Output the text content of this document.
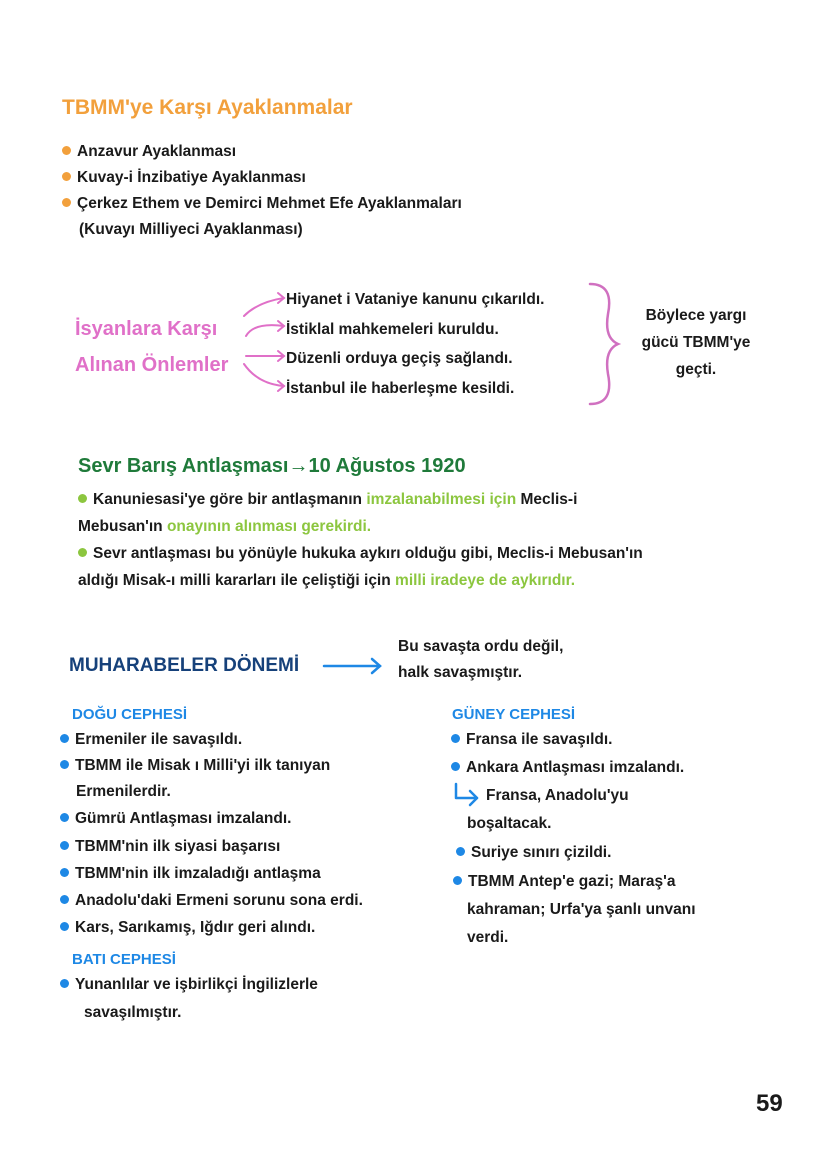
TBMM'ye Karşı Ayaklanmalar
Anzavur Ayaklanması
Kuvay-i İnzibatiye Ayaklanması
Çerkez Ethem ve Demirci Mehmet Efe Ayaklanmaları
(Kuvayı Milliyeci Ayaklanması)
İsyanlara Karşı
Alınan Önlemler
Hiyanet i Vataniye kanunu çıkarıldı.
İstiklal mahkemeleri kuruldu.
Düzenli orduya geçiş sağlandı.
İstanbul ile haberleşme kesildi.
Böylece yargı
gücü TBMM'ye
geçti.
Sevr Barış Antlaşması→10 Ağustos 1920
Kanuniesasi'ye göre bir antlaşmanın imzalanabilmesi için Meclis-i
Mebusan'ın onayının alınması gerekirdi.
Sevr antlaşması bu yönüyle hukuka aykırı olduğu gibi, Meclis-i Mebusan'ın
aldığı Misak-ı milli kararları ile çeliştiği için milli iradeye de aykırıdır.
MUHARABELER DÖNEMİ
Bu savaşta ordu değil,
halk savaşmıştır.
DOĞU CEPHESİ
Ermeniler ile savaşıldı.
TBMM ile Misak ı Milli'yi ilk tanıyan
Ermenilerdir.
Gümrü Antlaşması imzalandı.
TBMM'nin ilk siyasi başarısı
TBMM'nin ilk imzaladığı antlaşma
Anadolu'daki Ermeni sorunu sona erdi.
Kars, Sarıkamış, Iğdır geri alındı.
BATI CEPHESİ
Yunanlılar ve işbirlikçi İngilizlerle
savaşılmıştır.
GÜNEY CEPHESİ
Fransa ile savaşıldı.
Ankara Antlaşması imzalandı.
Fransa, Anadolu'yu
boşaltacak.
Suriye sınırı çizildi.
TBMM Antep'e gazi; Maraş'a
kahraman; Urfa'ya şanlı unvanı
verdi.
59
